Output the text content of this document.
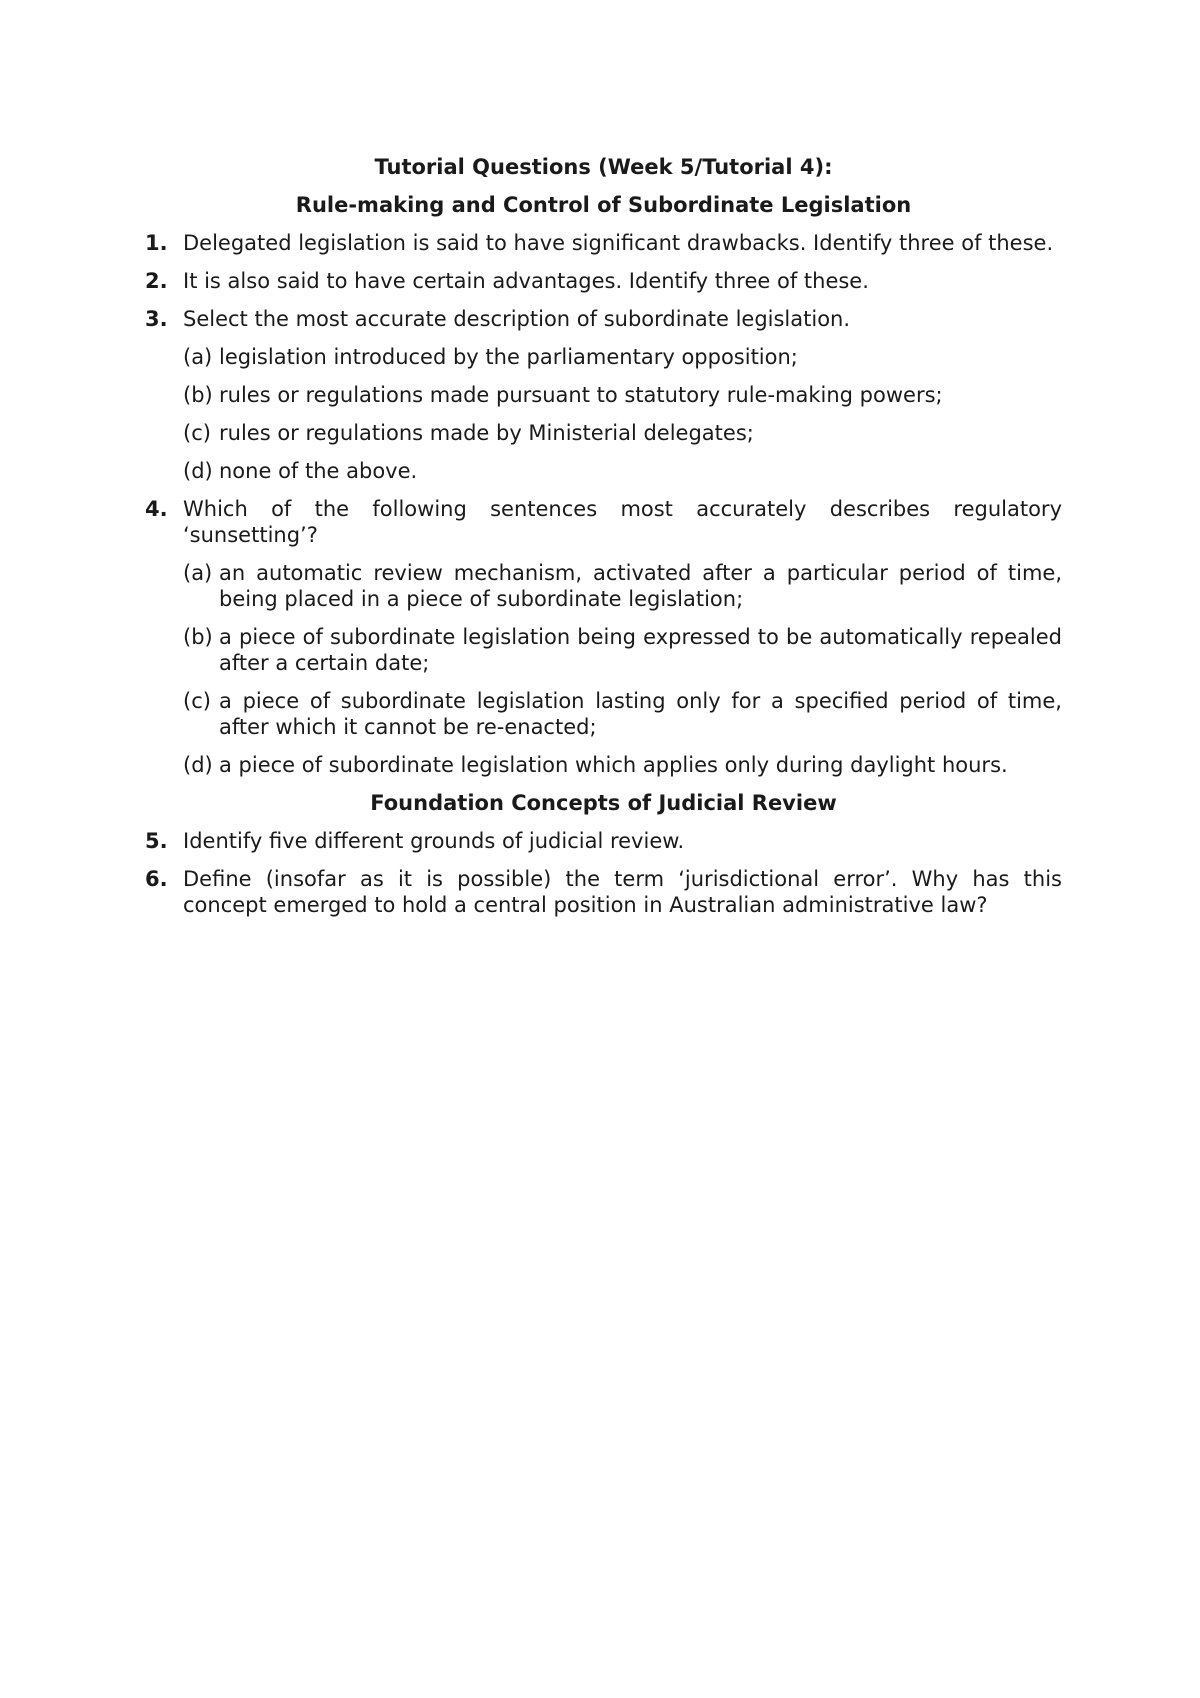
Tutorial Questions (Week 5/Tutorial 4):
Rule-making and Control of Subordinate Legislation
1. Delegated legislation is said to have significant drawbacks. Identify three of these.
2. It is also said to have certain advantages. Identify three of these.
3. Select the most accurate description of subordinate legislation.
(a) legislation introduced by the parliamentary opposition;
(b) rules or regulations made pursuant to statutory rule-making powers;
(c) rules or regulations made by Ministerial delegates;
(d) none of the above.
4. Which of the following sentences most accurately describes regulatory ‘sunsetting’?
(a) an automatic review mechanism, activated after a particular period of time, being placed in a piece of subordinate legislation;
(b) a piece of subordinate legislation being expressed to be automatically repealed after a certain date;
(c) a piece of subordinate legislation lasting only for a specified period of time, after which it cannot be re-enacted;
(d) a piece of subordinate legislation which applies only during daylight hours.
Foundation Concepts of Judicial Review
5. Identify five different grounds of judicial review.
6. Define (insofar as it is possible) the term ‘jurisdictional error’. Why has this concept emerged to hold a central position in Australian administrative law?
